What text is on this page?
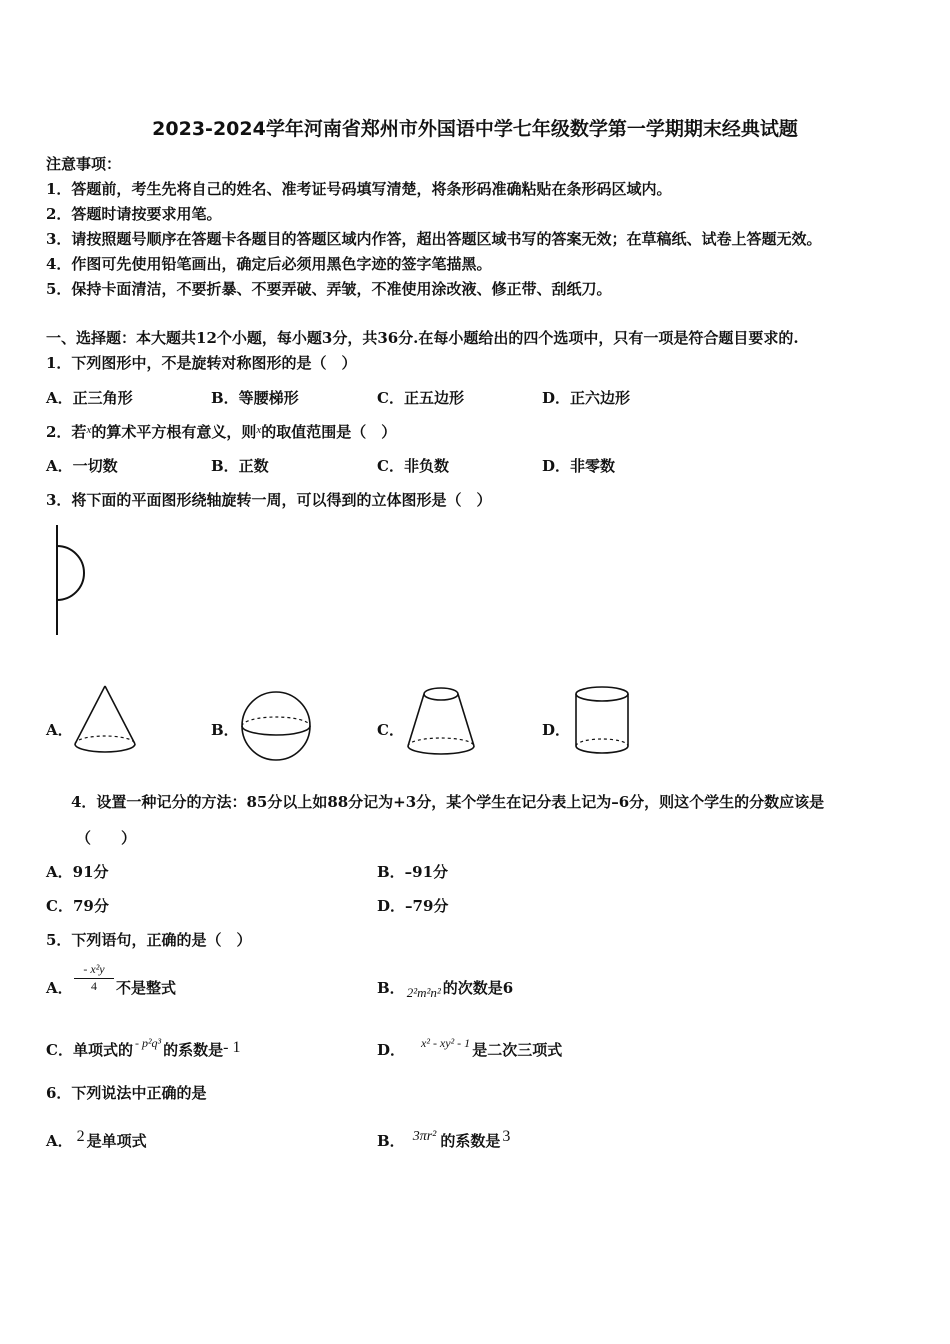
2023-2024学年河南省郑州市外国语中学七年级数学第一学期期末经典试题
注意事项：
1．答题前，考生先将自己的姓名、准考证号码填写清楚，将条形码准确粘贴在条形码区域内。
2．答题时请按要求用笔。
3．请按照题号顺序在答题卡各题目的答题区域内作答，超出答题区域书写的答案无效；在草稿纸、试卷上答题无效。
4．作图可先使用铅笔画出，确定后必须用黑色字迹的签字笔描黑。
5．保持卡面清洁，不要折暴、不要弄破、弄皱，不准使用涂改液、修正带、刮纸刀。
一、选择题：本大题共12个小题，每小题3分，共36分.在每小题给出的四个选项中，只有一项是符合题目要求的.
1．下列图形中，不是旋转对称图形的是（　）
A．正三角形	B．等腰梯形	C．正五边形	D．正六边形
2．若$^x$的算术平方根有意义，则$^x$的取值范围是（　）
A．一切数	B．正数	C．非负数	D．非零数
3．将下面的平面图形绕轴旋转一周，可以得到的立体图形是（　）
A．	B．	C．	D．
4．设置一种记分的方法：85分以上如88分记为+3分，某个学生在记分表上记为–6分，则这个学生的分数应该是
（　　）
A．91分	B．–91分
C．79分	D．–79分
5．下列语句，正确的是（　）
A． $\frac{\text{- x²y}}{4}$ 不是整式	B． 2²m²n² 的次数是6
C．单项式的 $^{- p^2q^3}$ 的系数是- 1	D． $^{x^2 - xy^2 - 1}$ 是二次三项式
6．下列说法中正确的是
A． 2 是单项式	B． 3πr² 的系数是 3
